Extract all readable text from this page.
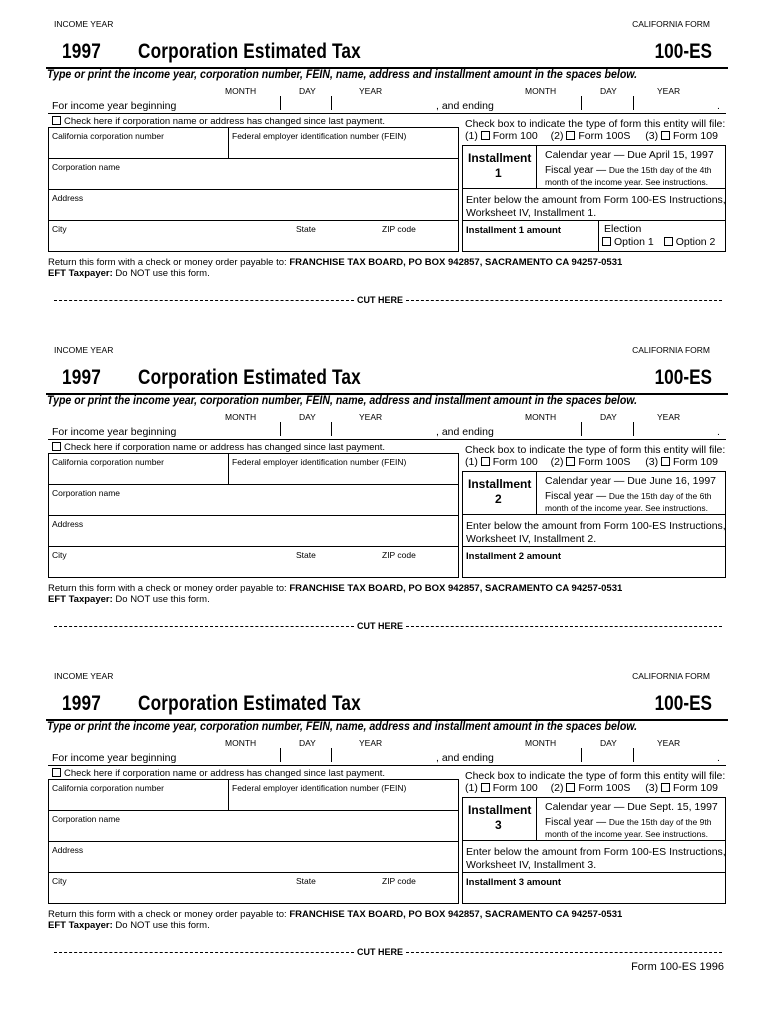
INCOME YEAR	CALIFORNIA FORM
1997 Corporation Estimated Tax	100-ES
Type or print the income year, corporation number, FEIN, name, address and installment amount in the spaces below.
MONTH	DAY	YEAR	MONTH	DAY	YEAR
For income year beginning	, and ending	.
Check here if corporation name or address has changed since last payment.
California corporation number	Federal employer identification number (FEIN)
Corporation name
Address
City	State	ZIP code
Check box to indicate the type of form this entity will file:
(1) Form 100 (2) Form 100S (3) Form 109
Installment
1
Calendar year — Due April 15, 1997
Fiscal year — Due the 15th day of the 4th
month of the income year. See instructions.
Enter below the amount from Form 100-ES Instructions,
Worksheet IV, Installment 1.
Installment 1 amount	Election
Option 1 Option 2
Return this form with a check or money order payable to: FRANCHISE TAX BOARD, PO BOX 942857, SACRAMENTO CA 94257-0531
EFT Taxpayer: Do NOT use this form.
CUT HERE
INCOME YEAR	CALIFORNIA FORM
1997 Corporation Estimated Tax	100-ES
Type or print the income year, corporation number, FEIN, name, address and installment amount in the spaces below.
MONTH	DAY	YEAR	MONTH	DAY	YEAR
For income year beginning	, and ending	.
Check here if corporation name or address has changed since last payment.
California corporation number	Federal employer identification number (FEIN)
Corporation name
Address
City	State	ZIP code
Check box to indicate the type of form this entity will file:
(1) Form 100 (2) Form 100S (3) Form 109
Installment
2
Calendar year — Due June 16, 1997
Fiscal year — Due the 15th day of the 6th
month of the income year. See instructions.
Enter below the amount from Form 100-ES Instructions,
Worksheet IV, Installment 2.
Installment 2 amount
Return this form with a check or money order payable to: FRANCHISE TAX BOARD, PO BOX 942857, SACRAMENTO CA 94257-0531
EFT Taxpayer: Do NOT use this form.
CUT HERE
INCOME YEAR	CALIFORNIA FORM
1997 Corporation Estimated Tax	100-ES
Type or print the income year, corporation number, FEIN, name, address and installment amount in the spaces below.
MONTH	DAY	YEAR	MONTH	DAY	YEAR
For income year beginning	, and ending	.
Check here if corporation name or address has changed since last payment.
California corporation number	Federal employer identification number (FEIN)
Corporation name
Address
City	State	ZIP code
Check box to indicate the type of form this entity will file:
(1) Form 100 (2) Form 100S (3) Form 109
Installment
3
Calendar year — Due Sept. 15, 1997
Fiscal year — Due the 15th day of the 9th
month of the income year. See instructions.
Enter below the amount from Form 100-ES Instructions,
Worksheet IV, Installment 3.
Installment 3 amount
Return this form with a check or money order payable to: FRANCHISE TAX BOARD, PO BOX 942857, SACRAMENTO CA 94257-0531
EFT Taxpayer: Do NOT use this form.
CUT HERE
Form 100-ES 1996
